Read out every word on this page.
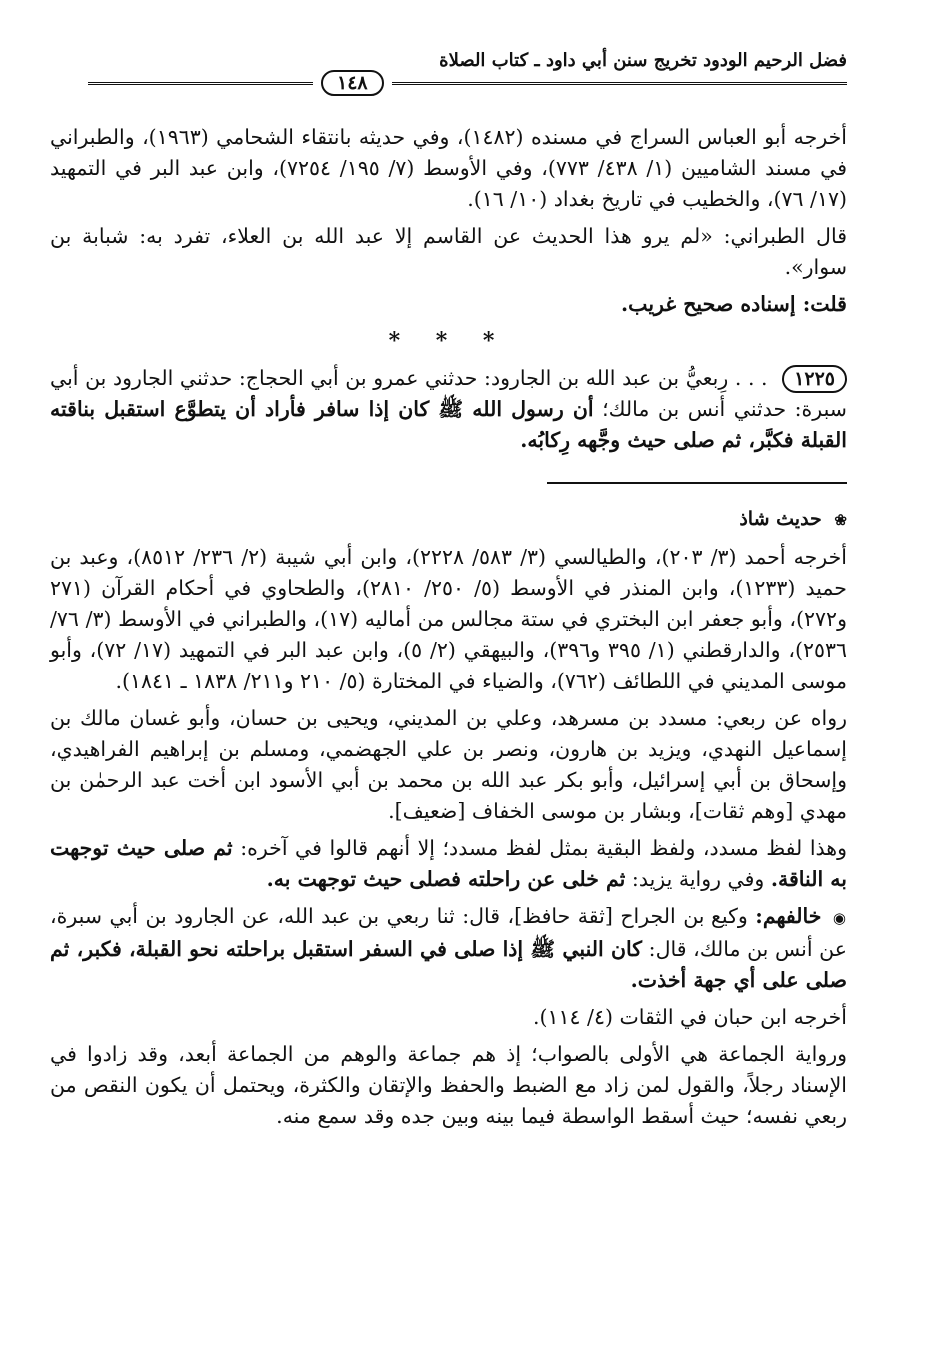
فضل الرحيم الودود تخريج سنن أبي داود ـ كتاب الصلاة
١٤٨

أخرجه أبو العباس السراج في مسنده (١٤٨٢)، وفي حديثه بانتقاء الشحامي (١٩٦٣)، والطبراني في مسند الشاميين (١/ ٤٣٨/ ٧٧٣)، وفي الأوسط (٧/ ١٩٥/ ٧٢٥٤)، وابن عبد البر في التمهيد (١٧/ ٧٦)، والخطيب في تاريخ بغداد (١٠/ ١٦).

قال الطبراني: «لم يرو هذا الحديث عن القاسم إلا عبد الله بن العلاء، تفرد به: شبابة بن سوار».

قلت: إسناده صحيح غريب.

* * *

١٢٢٥ . . . رِبعيُّ بن عبد الله بن الجارود: حدثني عمرو بن أبي الحجاج: حدثني الجارود بن أبي سبرة: حدثني أنس بن مالك؛ أن رسول الله ﷺ كان إذا سافر فأراد أن يتطوَّع استقبل بناقته القبلة فكبَّر، ثم صلى حيث وجَّهه رِكابُه.

❀ حديث شاذ

أخرجه أحمد (٣/ ٢٠٣)، والطيالسي (٣/ ٥٨٣/ ٢٢٢٨)، وابن أبي شيبة (٢/ ٢٣٦/ ٨٥١٢)، وعبد بن حميد (١٢٣٣)، وابن المنذر في الأوسط (٥/ ٢٥٠/ ٢٨١٠)، والطحاوي في أحكام القرآن (٢٧١ و٢٧٢)، وأبو جعفر ابن البختري في ستة مجالس من أماليه (١٧)، والطبراني في الأوسط (٣/ ٧٦/ ٢٥٣٦)، والدارقطني (١/ ٣٩٥ و٣٩٦)، والبيهقي (٢/ ٥)، وابن عبد البر في التمهيد (١٧/ ٧٢)، وأبو موسى المديني في اللطائف (٧٦٢)، والضياء في المختارة (٥/ ٢١٠ و٢١١/ ١٨٣٨ ـ ١٨٤١).

رواه عن ربعي: مسدد بن مسرهد، وعلي بن المديني، ويحيى بن حسان، وأبو غسان مالك بن إسماعيل النهدي، ويزيد بن هارون، ونصر بن علي الجهضمي، ومسلم بن إبراهيم الفراهيدي، وإسحاق بن أبي إسرائيل، وأبو بكر عبد الله بن محمد بن أبي الأسود ابن أخت عبد الرحمٰن بن مهدي [وهم ثقات]، وبشار بن موسى الخفاف [ضعيف].

وهذا لفظ مسدد، ولفظ البقية بمثل لفظ مسدد؛ إلا أنهم قالوا في آخره: ثم صلى حيث توجهت به الناقة. وفي رواية يزيد: ثم خلى عن راحلته فصلى حيث توجهت به.

◉ خالفهم: وكيع بن الجراح [ثقة حافظ]، قال: ثنا ربعي بن عبد الله، عن الجارود بن أبي سبرة، عن أنس بن مالك، قال: كان النبي ﷺ إذا صلى في السفر استقبل براحلته نحو القبلة، فكبر، ثم صلى على أي جهة أخذت.

أخرجه ابن حبان في الثقات (٤/ ١١٤).

ورواية الجماعة هي الأولى بالصواب؛ إذ هم جماعة والوهم من الجماعة أبعد، وقد زادوا في الإسناد رجلاً، والقول لمن زاد مع الضبط والحفظ والإتقان والكثرة، ويحتمل أن يكون النقص من ربعي نفسه؛ حيث أسقط الواسطة فيما بينه وبين جده وقد سمع منه.
